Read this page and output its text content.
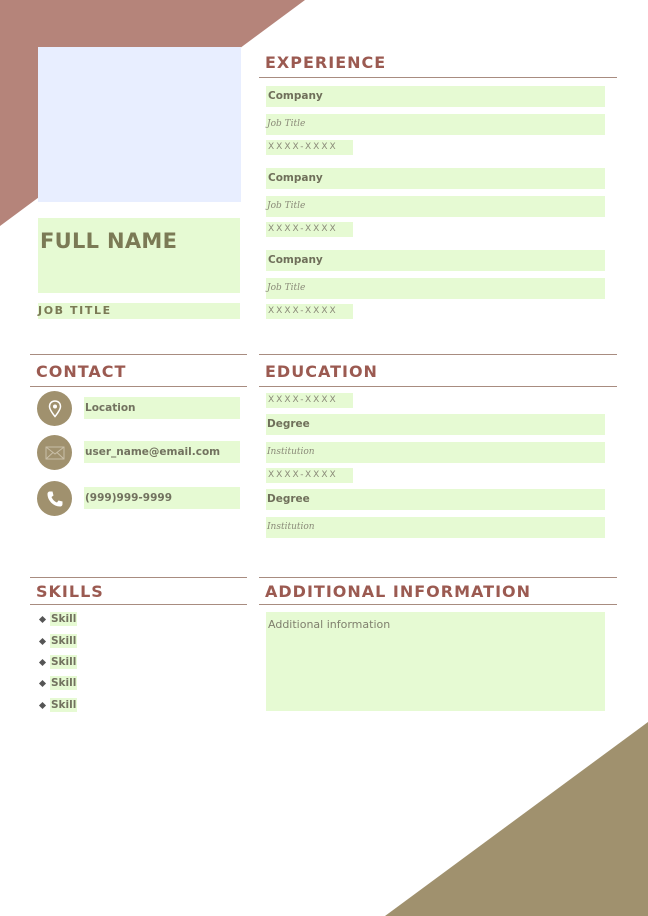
FULL NAME
JOB TITLE
EXPERIENCE
Company
Job Title
XXXX-XXXX
Company
Job Title
XXXX-XXXX
Company
Job Title
XXXX-XXXX
CONTACT
Location
user_name@email.com
(999)999-9999
EDUCATION
XXXX-XXXX
Degree
Institution
XXXX-XXXX
Degree
Institution
SKILLS
Skill
Skill
Skill
Skill
Skill
ADDITIONAL INFORMATION
Additional information
